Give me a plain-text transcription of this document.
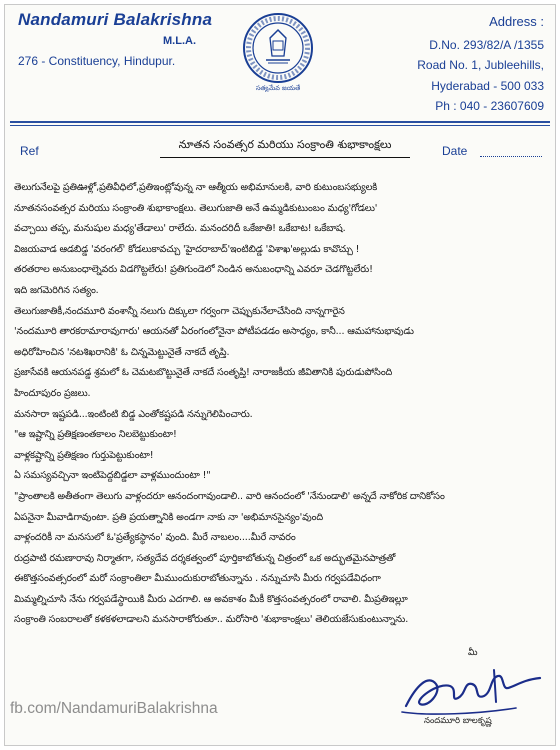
Nandamuri Balakrishna
M.L.A.
276 - Constituency, Hindupur.
సత్యమేవ జయతే
Address :
D.No. 293/82/A /1355
Road No. 1, Jubleehills,
Hyderabad - 500 033
Ph : 040 - 23607609
Ref	నూతన సంవత్సర మరియు సంక్రాంతి శుభాకాంక్షలు	Date
తెలుగునేలపై ప్రతిఊళ్లో,ప్రతివీధిలో,ప్రతిఇంట్లోవున్న నా ఆత్మీయ అభిమానులకి, వారి కుటుంబసభ్యులకి
నూతనసంవత్సర మరియు సంక్రాంతి శుభాకాంక్షలు. తెలుగుజాతి అనే ఉమ్మడికుటుంబం మధ్య'గోడలు'
వచ్చాయి తప్ప, మనుషుల మధ్య'తేడాలు' రాలేదు. మనందరిదీ ఒకేజాతి! ఒకేబాట! ఒకేబాష.
విజయవాడ ఆడబిడ్డ 'వరంగల్' కోడలుకావచ్చు 'హైదరాబాద్'ఇంటిబిడ్డ 'విశాఖ'అల్లుడు కావొచ్చు !
తరతరాల అనుబంధాల్నెవరు విడగొట్టలేరు! ప్రతిగుండెలో నిండిన అనుబంధాన్ని ఎవరూ చెడగొట్టలేరు!
ఇది జగమెరిగిన సత్యం.
తెలుగుజాతికీ,నందమూరి వంశాన్నీ నలుగు దిక్కులా గర్వంగా చెప్పుకునేలాచేసింది నాన్నగారైన
'నందమూరి తారకరామారావుగారు' ఆయనతో ఏరంగంలోనైనా పోటీపడడం అసాధ్యం, కానీ... ఆమహానుభావుడు
అధిరోహించిన 'నటశిఖరానికి' ఓ చిన్నమెట్టునైతే నాకదే తృప్తి.
ప్రజాసేవకి ఆయనపడ్డ శ్రమలో ఓ చెమటబొట్టునైతే నాకదే సంతృప్తి! నారాజకీయ జీవితానికి పురుడుపోసింది
హిందూపురం ప్రజలు.
మనసారా ఇష్టపడి...ఇంటింటి బిడ్డ ఎంతోకష్టపడి నన్నుగెలిపించారు.
"ఆ ఇష్టాన్ని ప్రతిక్షణంతకాలం నిలబెట్టుకుంటా!
వాళ్లకష్టాన్ని ప్రతిక్షణం గుర్తుపెట్టుకుంటా!
ఏ సమస్యవచ్చినా ఇంటిపెద్దబిడ్డలా వాళ్లముందుంటా !"
"ప్రాంతాలకి అతీతంగా తెలుగు వాళ్లందరూ ఆనందంగావుండాలి.. వారి ఆనందంలో 'నేనుండాలి' అన్నదే నాకోరిక దానికోసం
ఏపనైనా మీవాడిగావుంటా. ప్రతి ప్రయత్నానికి అండగా నాకు నా 'అభిమానసైన్యం'వుంది
వాళ్లందరికీ నా మనసులో ఓ'ప్రత్యేకస్థానం' వుంది. మీరే నాబలం....మీరే నావరం
రుద్రపాటి రమణారావు నిర్మాతగా, సత్యదేవ దర్శకత్వంలో పూర్తికాబోతున్న చిత్రంలో ఒక అద్భుతమైనపాత్రతో
ఈకొత్తసంవత్సరంలో మరో సంక్రాంతిలా మీముందుకురాబోతున్నాను . నన్నుచూసి మీరు గర్వపడేవిధంగా
మిమ్మల్నిచూసి నేను గర్వపడేస్థాయికి మీరు ఎదగాలి. ఆ అవకాశం మీకీ కొత్తసంవత్సరంలో రావాలి. మీప్రతిఇల్లూ
సంక్రాంతి సంబరాలతో కళకళలాడాలని మనసారాకోరుతూ.. మరోసారి 'శుభాకాంక్షలు' తెలియజేసుకుంటున్నాను.
మీ
నందమూరి బాలకృష్ణ
fb.com/NandamuriBalakrishna
